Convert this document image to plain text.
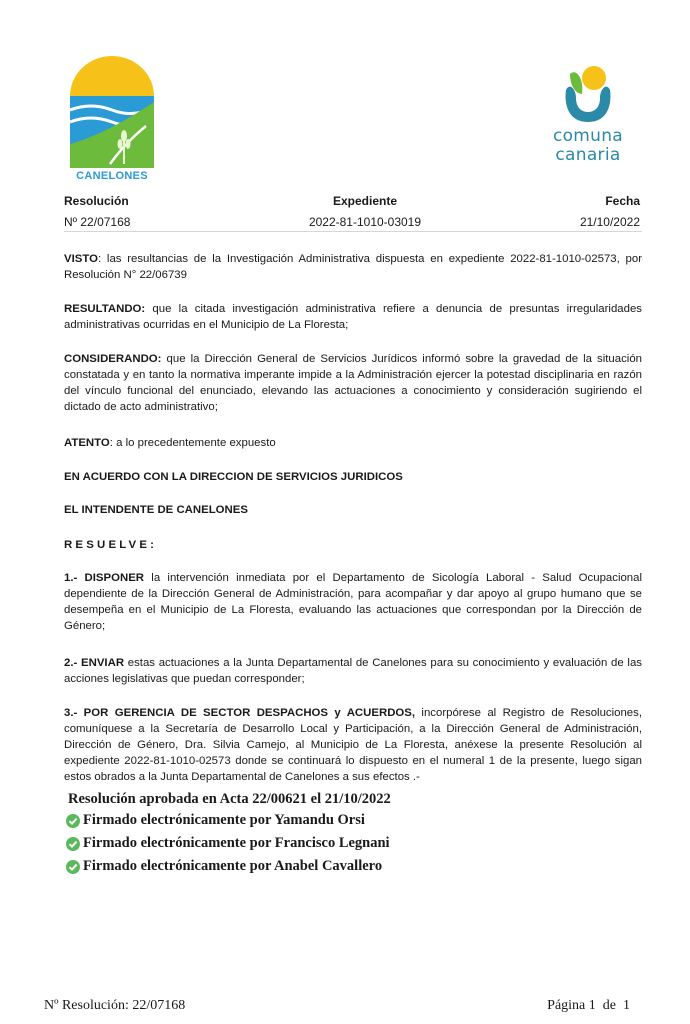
CANELONES
comuna
canaria
Resolución	Expediente	Fecha
Nº 22/07168	2022-81-1010-03019	21/10/2022
VISTO: las resultancias de la Investigación Administrativa dispuesta en expediente 2022-81-1010-02573, por Resolución N° 22/06739
RESULTANDO: que la citada investigación administrativa refiere a denuncia de presuntas irregularidades administrativas ocurridas en el Municipio de La Floresta;
CONSIDERANDO: que la Dirección General de Servicios Jurídicos informó sobre la gravedad de la situación constatada y en tanto la normativa imperante impide a la Administración ejercer la potestad disciplinaria en razón del vínculo funcional del enunciado, elevando las actuaciones a conocimiento y consideración sugiriendo el dictado de acto administrativo;
ATENTO: a lo precedentemente expuesto
EN ACUERDO CON LA DIRECCION DE SERVICIOS JURIDICOS
EL INTENDENTE DE CANELONES
RESUELVE:
1.- DISPONER la intervención inmediata por el Departamento de Sicología Laboral - Salud Ocupacional dependiente de la Dirección General de Administración, para acompañar y dar apoyo al grupo humano que se desempeña en el Municipio de La Floresta, evaluando las actuaciones que correspondan por la Dirección de Género;
2.- ENVIAR estas actuaciones a la Junta Departamental de Canelones para su conocimiento y evaluación de las acciones legislativas que puedan corresponder;
3.- POR GERENCIA DE SECTOR DESPACHOS y ACUERDOS, incorpórese al Registro de Resoluciones, comuníquese a la Secretaría de Desarrollo Local y Participación, a la Dirección General de Administración, Dirección de Género, Dra. Silvia Camejo, al Municipio de La Floresta, anéxese la presente Resolución al expediente 2022-81-1010-02573 donde se continuará lo dispuesto en el numeral 1 de la presente, luego sigan estos obrados a la Junta Departamental de Canelones a sus efectos .-
Resolución aprobada en Acta 22/00621 el 21/10/2022
Firmado electrónicamente por Yamandu Orsi
Firmado electrónicamente por Francisco Legnani
Firmado electrónicamente por Anabel Cavallero
Nº Resolución: 22/07168	Página 1  de  1
